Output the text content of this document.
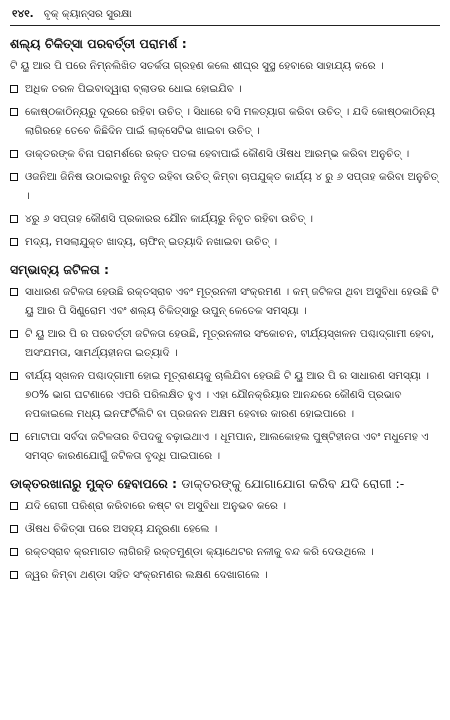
୧୪୧. ବୃକ୍ କ୍ୟାନ୍ସର ସୁରକ୍ଷା
ଶଲ୍ୟ ଚିକିତ୍ସା ପରବର୍ତ୍ତୀ ପରାମର୍ଶ :
ଟି ୟୁ ଆର ପି ପରେ ନିମ୍ନଲିଖିତ ସତର୍କତା ଗ୍ରହଣ କଲେ ଶୀଘ୍ର ସୁସ୍ଥ ହେବାରେ ସାହାଯ୍ୟ କରେ ।
ଅଧିକ ତରଳ ପିଇବାଦ୍ୱାରା ବ୍ଲାଡର ଧୋଇ ହୋଇଯିବ ।
କୋଷ୍ଠକାଠିନ୍ୟରୁ ଦୂରରେ ରହିବା ଉଚିତ୍ । ସିଧାରେ ବସି ମଳତ୍ୟାଗ କରିବା ଉଚିତ୍ । ଯଦି କୋଷ୍ଠକାଠିନ୍ୟ ଲାଗିରହେ ତେବେ କିଛିଦିନ ପାଇଁ ଲାକ୍ସେଟିଭ ଖାଇବା ଉଚିତ୍ ।
ଡାକ୍ତରଙ୍କ ବିନା ପରାମର୍ଶରେ ରକ୍ତ ପତଳା ହେବାପାଇଁ କୌଣସି ଔଷଧ ଆରମ୍ଭ କରିବା ଅନୁଚିତ୍ ।
ଓଜନିଆ ଜିନିଷ ଉଠାଇବାରୁ ନିବୃତ ରହିବା ଉଚିତ୍ କିମ୍ବା ଚାପଯୁକ୍ତ କାର୍ଯ୍ୟ ୪ ରୁ ୬ ସପ୍ତାହ କରିବା ଅନୁଚିତ୍ ।
୪ରୁ ୬ ସପ୍ତାହ କୌଣସି ପ୍ରକାରର ଯୌନ କାର୍ଯ୍ୟରୁ ନିବୃତ ରହିବା ଉଚିତ୍ ।
ମଦ୍ୟ, ମସଲାଯୁକ୍ତ ଖାଦ୍ୟ, ଚାଫିନ୍ ଇତ୍ୟାଦି ନଖାଇବା ଉଚିତ୍ ।
ସମ୍ଭାବ୍ୟ ଜଟିଳତା :
ସାଧାରଣ ଜଟିଳତା ହେଉଛି ରକ୍ତସ୍ରାବ ଏବଂ ମୂତ୍ରନଳୀ ସଂକ୍ରମଣ । କମ୍ ଜଟିଳତା ଥିବା ଅସୁବିଧା ହେଉଛି ଟି ୟୁ ଆର ପି ସିଣ୍ଡ୍ରୋମ ଏବଂ ଶଲ୍ୟ ଚିକିତ୍ସାରୁ ଉପୁନ୍ କେତେକ ସମସ୍ୟା ।
ଟି ୟୁ ଆର ପି ର ପରବର୍ତ୍ତୀ ଜଟିଳତା ହେଉଛି, ମୂତ୍ରନଳୀର ସଂକୋଚନ, ବୀର୍ଯ୍ୟସ୍ଖଳନ ପଶ୍ଚାଦ୍‌ଗାମୀ ହେବା, ଅସଂଯମତା, ସାମର୍ଥ୍ୟହୀନତା ଇତ୍ୟାଦି ।
ବୀର୍ଯ୍ୟ ସ୍ଖଳନ ପଶ୍ଚାଦ୍‌ଗାମୀ ହୋଇ ମୂତ୍ରାଶୟକୁ ଚାଲିଯିବା ହେଉଛି ଟି ୟୁ ଆର ପି ର ସାଧାରଣ ସମସ୍ୟା । ୭୦% ଭାଗ ଘଟଣାରେ ଏପରି ପରିଲକ୍ଷିତ ହୁଏ । ଏହା ଯୌନକ୍ରିୟାର ଆନନ୍ଦରେ କୌଣସି ପ୍ରଭାବ ନପକାଇଲେ ମଧ୍ୟ ଇନଫର୍ଟିଲିଟି ବା ପ୍ରଜନନ ଅକ୍ଷମ ହେବାର କାରଣ ହୋଇପାରେ ।
ମୋଟାପା ସର୍ବଦା ଜଟିଳତାର ବିପଦକୁ ବଢ଼ାଇଥାଏ । ଧୂମପାନ, ଆଲକୋହଲ ପୁଷ୍ଟିହୀନତା ଏବଂ ମଧୁମେହ ଏ ସମସ୍ତ କାରଣଯୋଗୁଁ ଜଟିଳତା ବୃଦ୍ଧି ପାଇପାରେ ।
ଡାକ୍ତରଖାନାରୁ ମୁକ୍ତ ହେବାପରେ : ଡାକ୍ତରଙ୍କୁ ଯୋଗାଯୋଗ କରିବ ଯଦି ରୋଗୀ :-
ଯଦି ରୋଗୀ ପରିଶ୍ରା କରିବାରେ କଷ୍ଟ ବା ଅସୁବିଧା ଅନୁଭବ କରେ ।
ଔଷଧ ଚିକିତ୍ସା ପରେ ଅସହ୍ୟ ଯନ୍ତ୍ରଣା ହେଲେ ।
ରକ୍ତସ୍ରାବ କ୍ରମାଗତ ଲାଗିରହି ରକ୍ତମୁଣ୍ଡା କ୍ୟାଥେଟର ନଳୀକୁ ବନ୍ଦ କରି ଦେଉଥିଲେ ।
ଜ୍ୱର କିମ୍ବା ଥଣ୍ଡା ସହିତ ସଂକ୍ରମଣର ଲକ୍ଷଣ ଦେଖାଗଲେ ।
